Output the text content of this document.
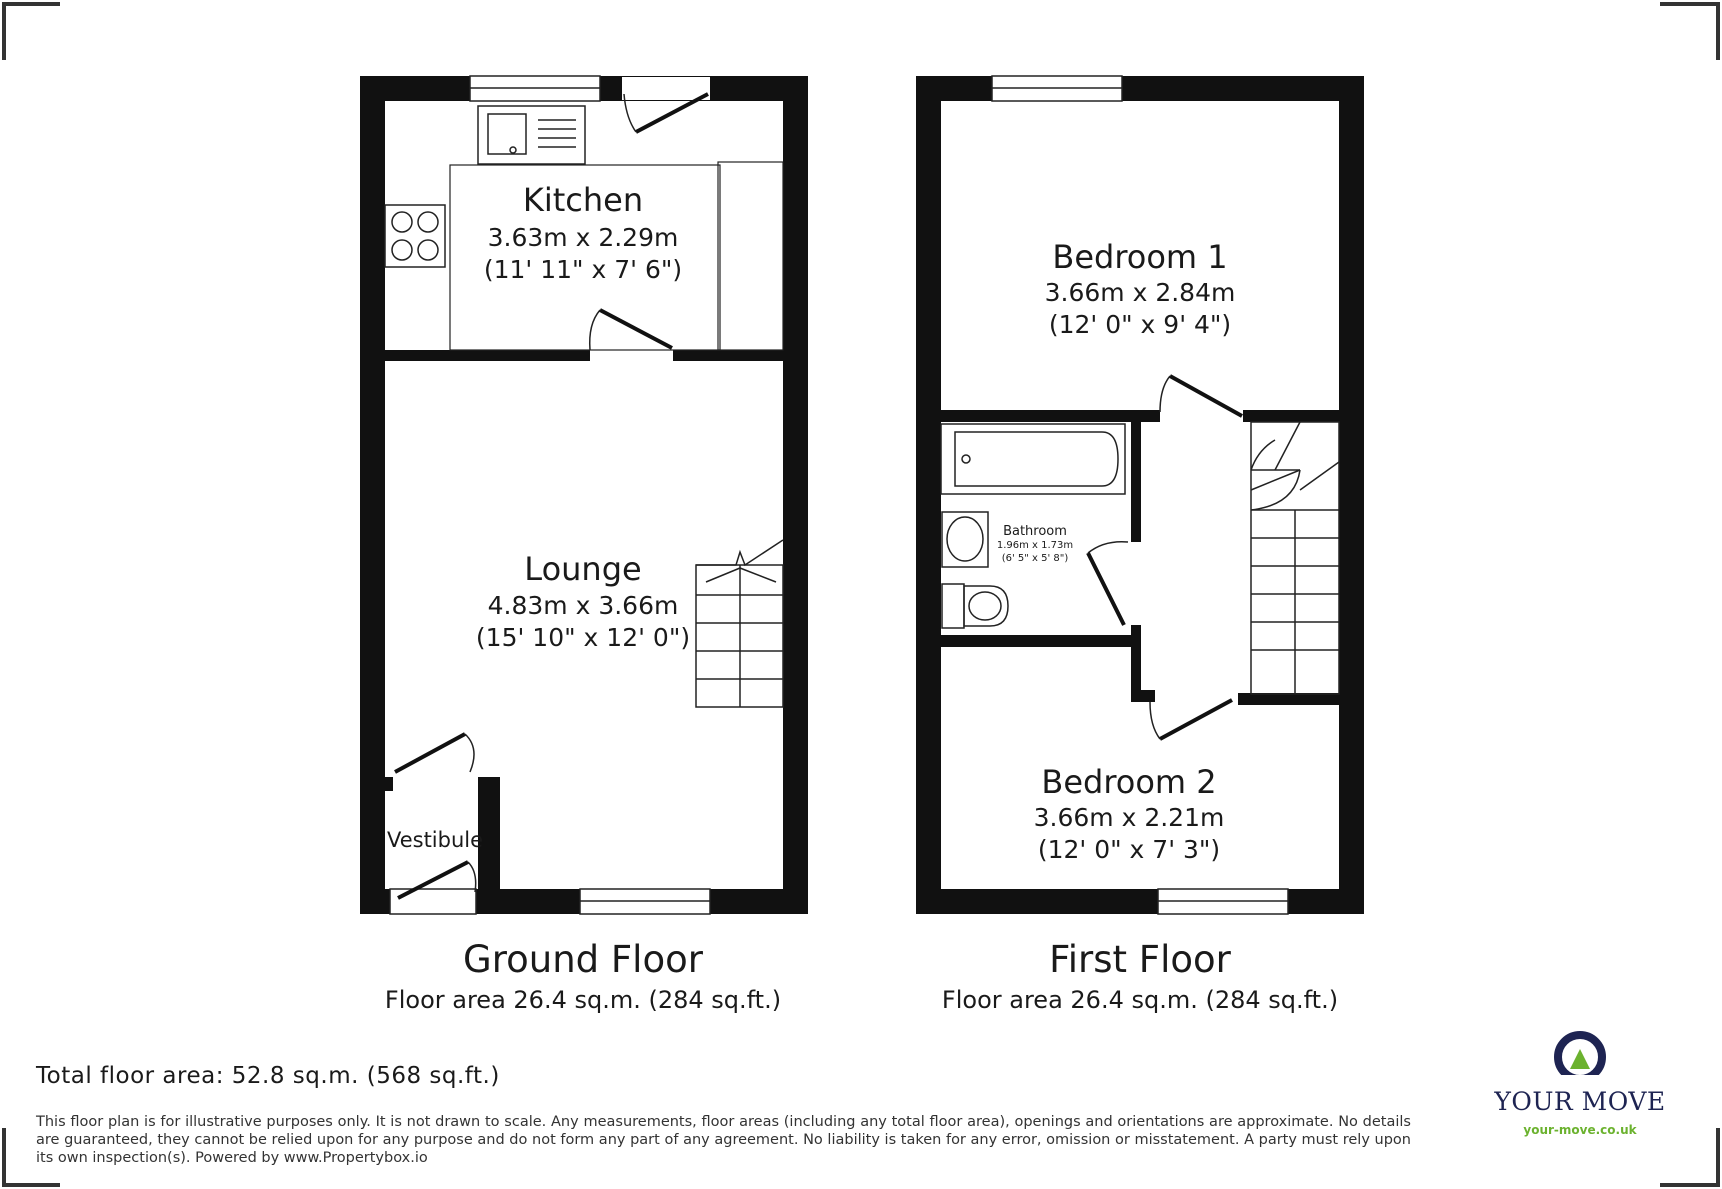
Kitchen
3.63m x 2.29m
(11' 11" x 7' 6")
Lounge
4.83m x 3.66m
(15' 10" x 12' 0")
Vestibule
Ground Floor
Floor area 26.4 sq.m. (284 sq.ft.)
Bedroom 1
3.66m x 2.84m
(12' 0" x 9' 4")
Bathroom
1.96m x 1.73m
(6' 5" x 5' 8")
Bedroom 2
3.66m x 2.21m
(12' 0" x 7' 3")
First Floor
Floor area 26.4 sq.m. (284 sq.ft.)
Total floor area: 52.8 sq.m. (568 sq.ft.)
This floor plan is for illustrative purposes only. It is not drawn to scale. Any measurements, floor areas (including any total floor area), openings and orientations are approximate. No details are guaranteed, they cannot be relied upon for any purpose and do not form any part of any agreement. No liability is taken for any error, omission or misstatement. A party must rely upon its own inspection(s). Powered by www.Propertybox.io
YOUR MOVE
your-move.co.uk
